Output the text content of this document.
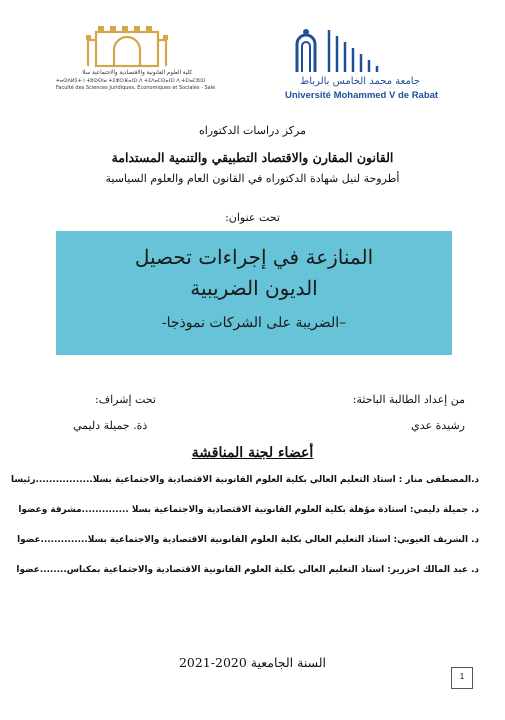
جامعة محمد الخامس بالرباط
Université Mohammed V de Rabat
كلية العلوم القانونية والاقتصادية والاجتماعية سلا
ⵜⴰⵙⴷⵍⵉⵜ ⵏ ⵜⵓⵙⵙⵏⴰ ⵜⵉⵣⵔⴼⴰⵏⵉⵏ ⴷ ⵜⵉⴷⴰⵎⵙⴰⵏⵉⵏ ⴷ ⵜⵉⵏⴰⵎⵓⵏⵉⵏ
Faculté des Sciences Juridiques, Economiques et Sociales - Salé
مركز دراسات الدكتوراه
القانون المقارن والاقتصاد التطبيقي والتنمية المستدامة
أطروحة لنيل شهادة الدكتوراه في القانون العام والعلوم السياسية
تحت عنوان:
المنازعة في إجراءات تحصيل
الديون الضريبية
–الضريبة على الشركات نموذجا-
من إعداد الطالبة الباحثة:
رشيدة عدي
تحت إشراف:
ذة. جميلة دليمي
أعضاء لجنة المناقشة
د.المصطفى منار : أستاذ التعليم العالي بكلية العلوم القانونية الاقتصادية والاجتماعية بسلا.................رئيسا
د. جميلة دليمي: أستاذة مؤهلة بكلية العلوم القانونية الاقتصادية والاجتماعية بسلا ..............مشرفة وعضوا
د. الشريف الغيوبي: أستاذ التعليم العالي بكلية العلوم القانونية الاقتصادية والاجتماعية بسلا..............عضوا
د. عبد المالك أحزرير: أستاذ التعليم العالي بكلية العلوم القانونية الاقتصادية والاجتماعية بمكناس........عضوا
السنة الجامعية 2020-2021
1
